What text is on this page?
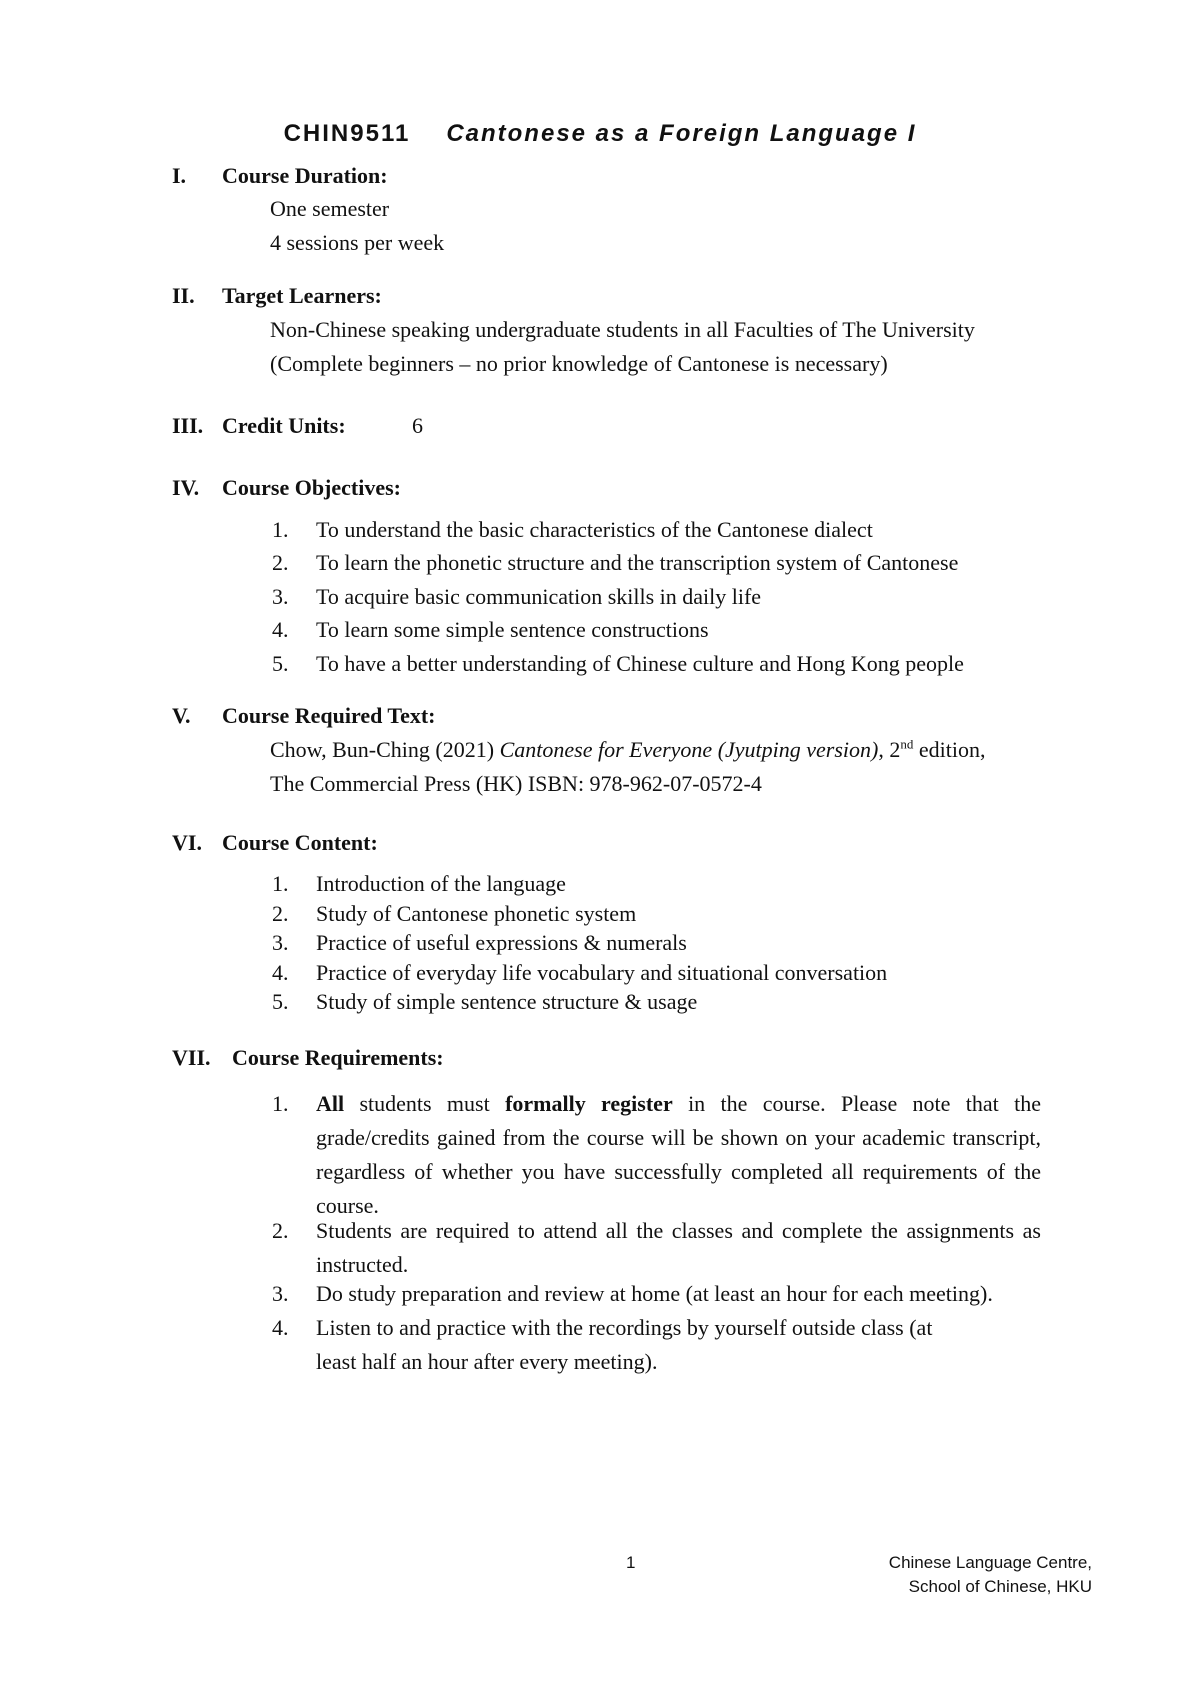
CHIN9511 Cantonese as a Foreign Language I
I.	Course Duration:
One semester
4 sessions per week
II.	Target Learners:
Non-Chinese speaking undergraduate students in all Faculties of The University
(Complete beginners – no prior knowledge of Cantonese is necessary)
III. Credit Units:	6
IV.	Course Objectives:
1.	To understand the basic characteristics of the Cantonese dialect
2.	To learn the phonetic structure and the transcription system of Cantonese
3.	To acquire basic communication skills in daily life
4.	To learn some simple sentence constructions
5.	To have a better understanding of Chinese culture and Hong Kong people
V.	Course Required Text:
Chow, Bun-Ching (2021) Cantonese for Everyone (Jyutping version), 2nd edition,
The Commercial Press (HK) ISBN: 978-962-07-0572-4
VI. Course Content:
1.	Introduction of the language
2.	Study of Cantonese phonetic system
3.	Practice of useful expressions & numerals
4.	Practice of everyday life vocabulary and situational conversation
5.	Study of simple sentence structure & usage
VII. Course Requirements:
1.	All students must formally register in the course. Please note that the grade/credits gained from the course will be shown on your academic transcript, regardless of whether you have successfully completed all requirements of the course.
2.	Students are required to attend all the classes and complete the assignments as instructed.
3.	Do study preparation and review at home (at least an hour for each meeting).
4.	Listen to and practice with the recordings by yourself outside class (at
least half an hour after every meeting).
1	Chinese Language Centre,
School of Chinese, HKU
